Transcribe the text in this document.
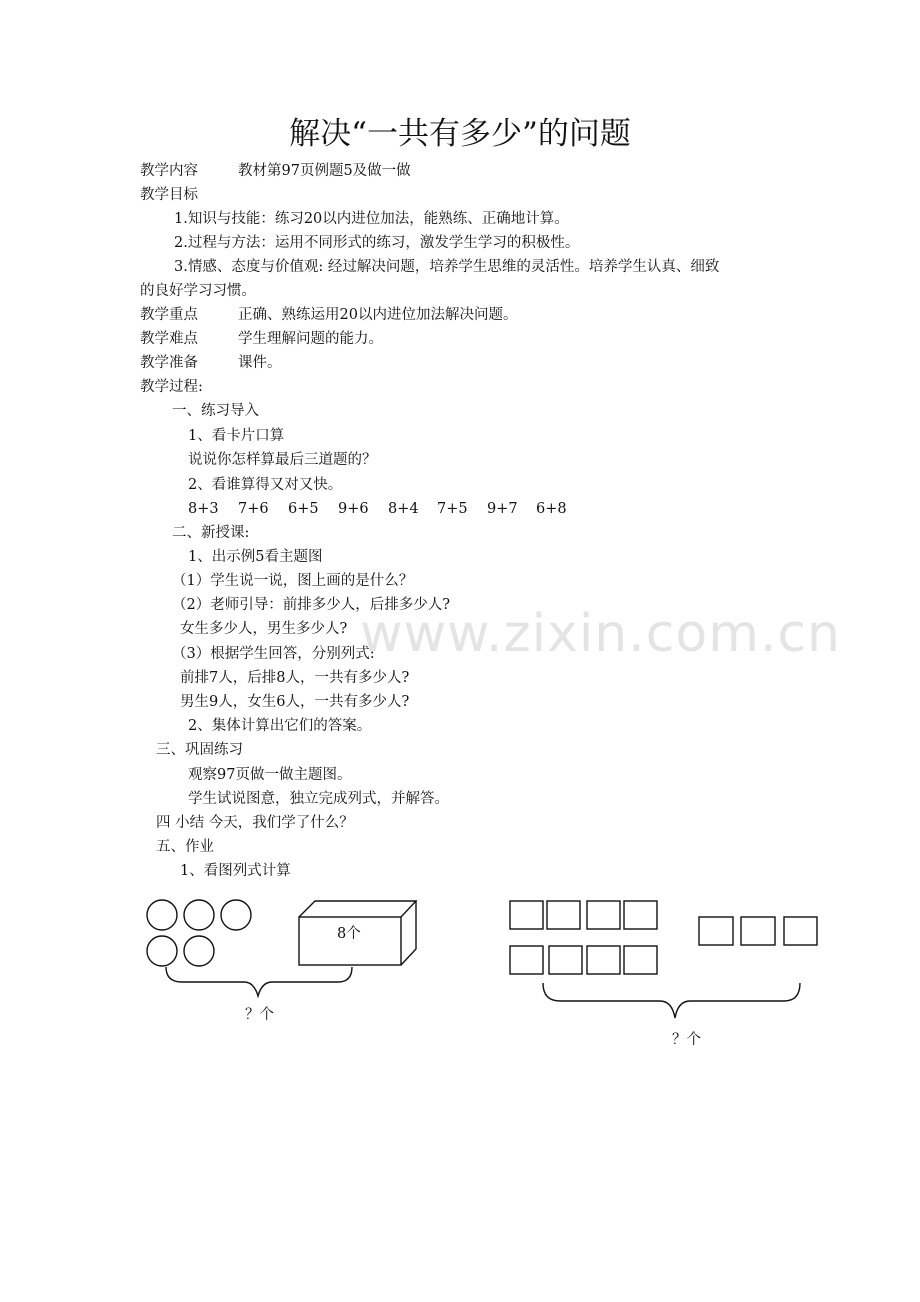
www.zixin.com.cn
解决“一共有多少”的问题
教学内容	教材第97页例题5及做一做
教学目标
1.知识与技能：练习20以内进位加法，能熟练、正确地计算。
2.过程与方法：运用不同形式的练习，激发学生学习的积极性。
3.情感、态度与价值观: 经过解决问题，培养学生思维的灵活性。培养学生认真、细致
的良好学习习惯。
教学重点	正确、熟练运用20以内进位加法解决问题。
教学难点	学生理解问题的能力。
教学准备	课件。
教学过程:
一、练习导入
1、看卡片口算
说说你怎样算最后三道题的？
2、看谁算得又对又快。
8+3 7+6 6+5 9+6 8+4 7+5 9+7 6+8
二、新授课:
1、出示例5看主题图
（1）学生说一说，图上画的是什么？
（2）老师引导：前排多少人，后排多少人?
女生多少人，男生多少人?
（3）根据学生回答，分别列式:
前排7人，后排8人，一共有多少人?
男生9人，女生6人，一共有多少人?
2、集体计算出它们的答案。
三、巩固练习
观察97页做一做主题图。
学生试说图意，独立完成列式，并解答。
四 小结 今天，我们学了什么？
五、作业
1、看图列式计算
8个
？个
？个
